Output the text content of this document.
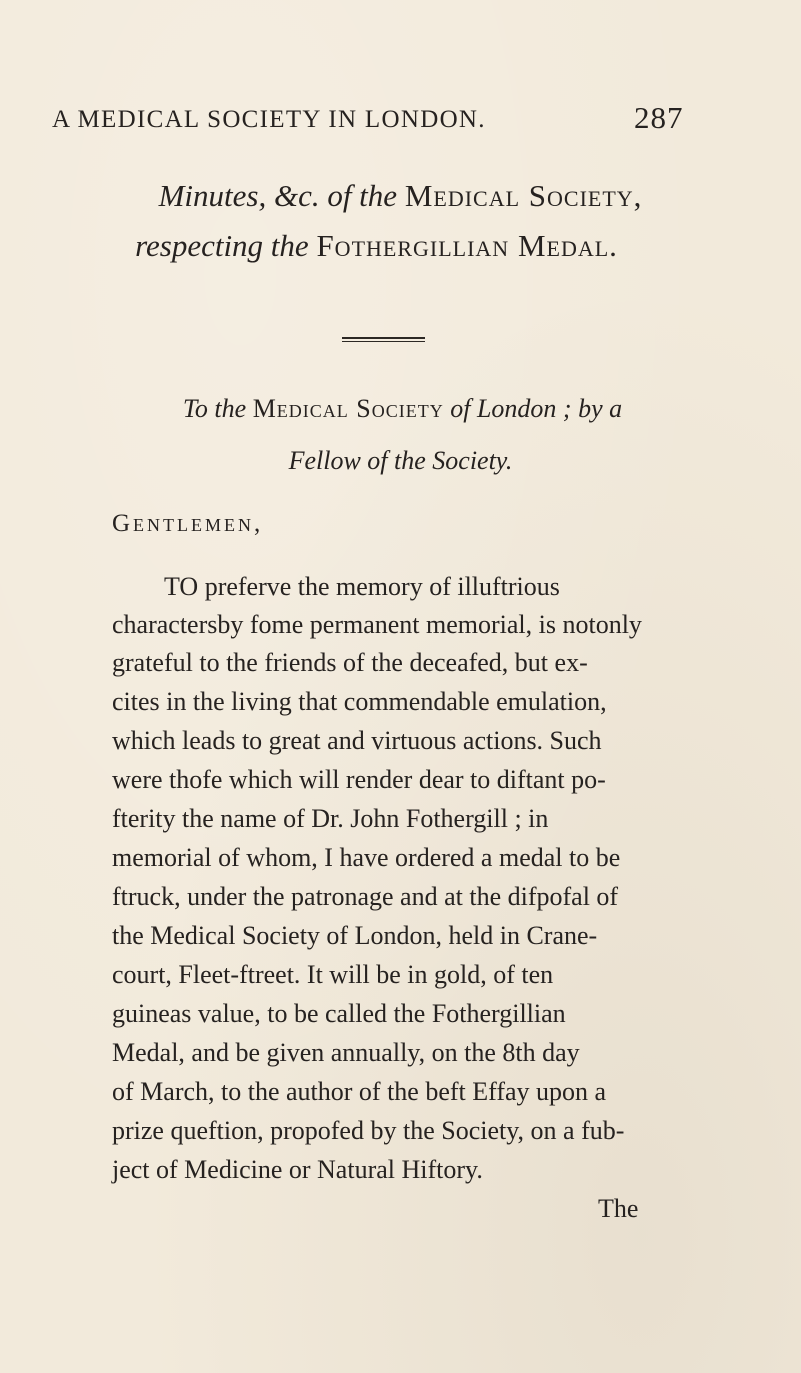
A MEDICAL SOCIETY IN LONDON.	287
Minutes, &c. of the Medical Society,
respecting the Fothergillian Medal.
To the Medical Society of London ; by a
Fellow of the Society.
Gentlemen,
TO preferve the memory of illuftrious
charactersby fome permanent memorial, is notonly
grateful to the friends of the deceafed, but ex-
cites in the living that commendable emulation,
which leads to great and virtuous actions. Such
were thofe which will render dear to diftant po-
fterity the name of Dr. John Fothergill ; in
memorial of whom, I have ordered a medal to be
ftruck, under the patronage and at the difpofal of
the Medical Society of London, held in Crane-
court, Fleet-ftreet. It will be in gold, of ten
guineas value, to be called the Fothergillian
Medal, and be given annually, on the 8th day
of March, to the author of the beft Effay upon a
prize queftion, propofed by the Society, on a fub-
ject of Medicine or Natural Hiftory.
The
